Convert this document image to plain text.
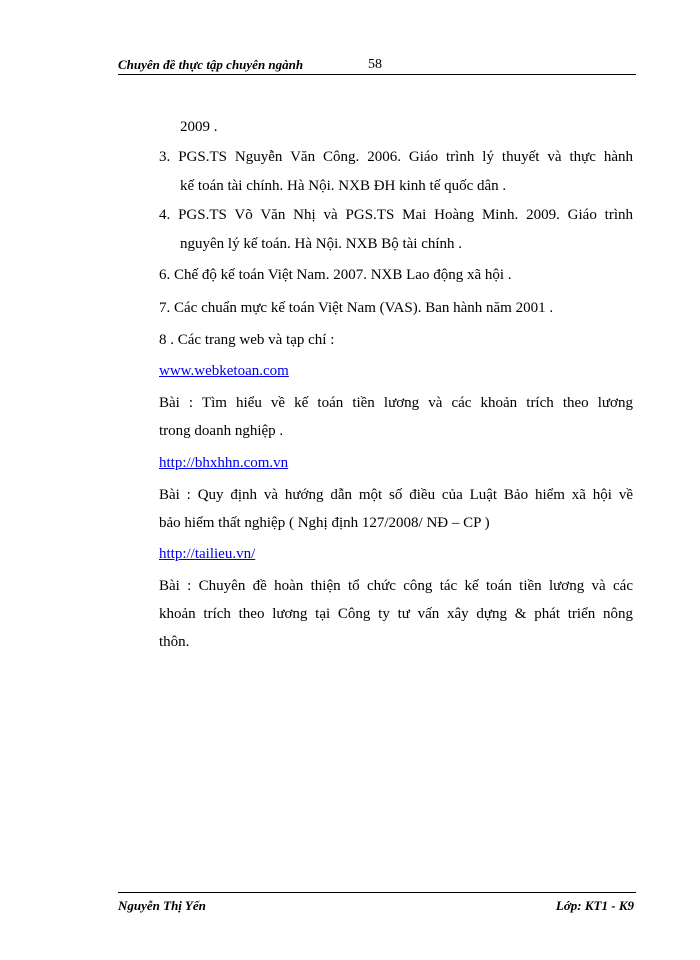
Chuyên đề thực tập chuyên ngành	58
2009 .
3. PGS.TS Nguyễn Văn Công. 2006. Giáo trình lý thuyết và thực hành
kế toán tài chính. Hà Nội. NXB ĐH kinh tế quốc dân .
4. PGS.TS Võ Văn Nhị và PGS.TS Mai Hoàng Minh. 2009. Giáo trình
nguyên lý kế toán. Hà Nội. NXB Bộ tài chính .
6. Chế độ kế toán Việt Nam. 2007. NXB Lao động xã hội .
7. Các chuẩn mực kế toán Việt Nam (VAS). Ban hành năm 2001 .
8 . Các trang web và tạp chí :
www.webketoan.com
Bài : Tìm hiểu về kế toán tiền lương và các khoản trích theo lương
trong doanh nghiệp .
http://bhxhhn.com.vn
Bài : Quy định và hướng dẫn một số điều của Luật Bảo hiểm xã hội về
bảo hiểm thất nghiệp ( Nghị định 127/2008/ NĐ – CP )
http://tailieu.vn/
Bài : Chuyên đề hoàn thiện tổ chức công tác kế toán tiền lương và các
khoản trích theo lương tại Công ty tư vấn xây dựng & phát triển nông
thôn.
Nguyễn Thị Yến	Lớp: KT1 - K9
